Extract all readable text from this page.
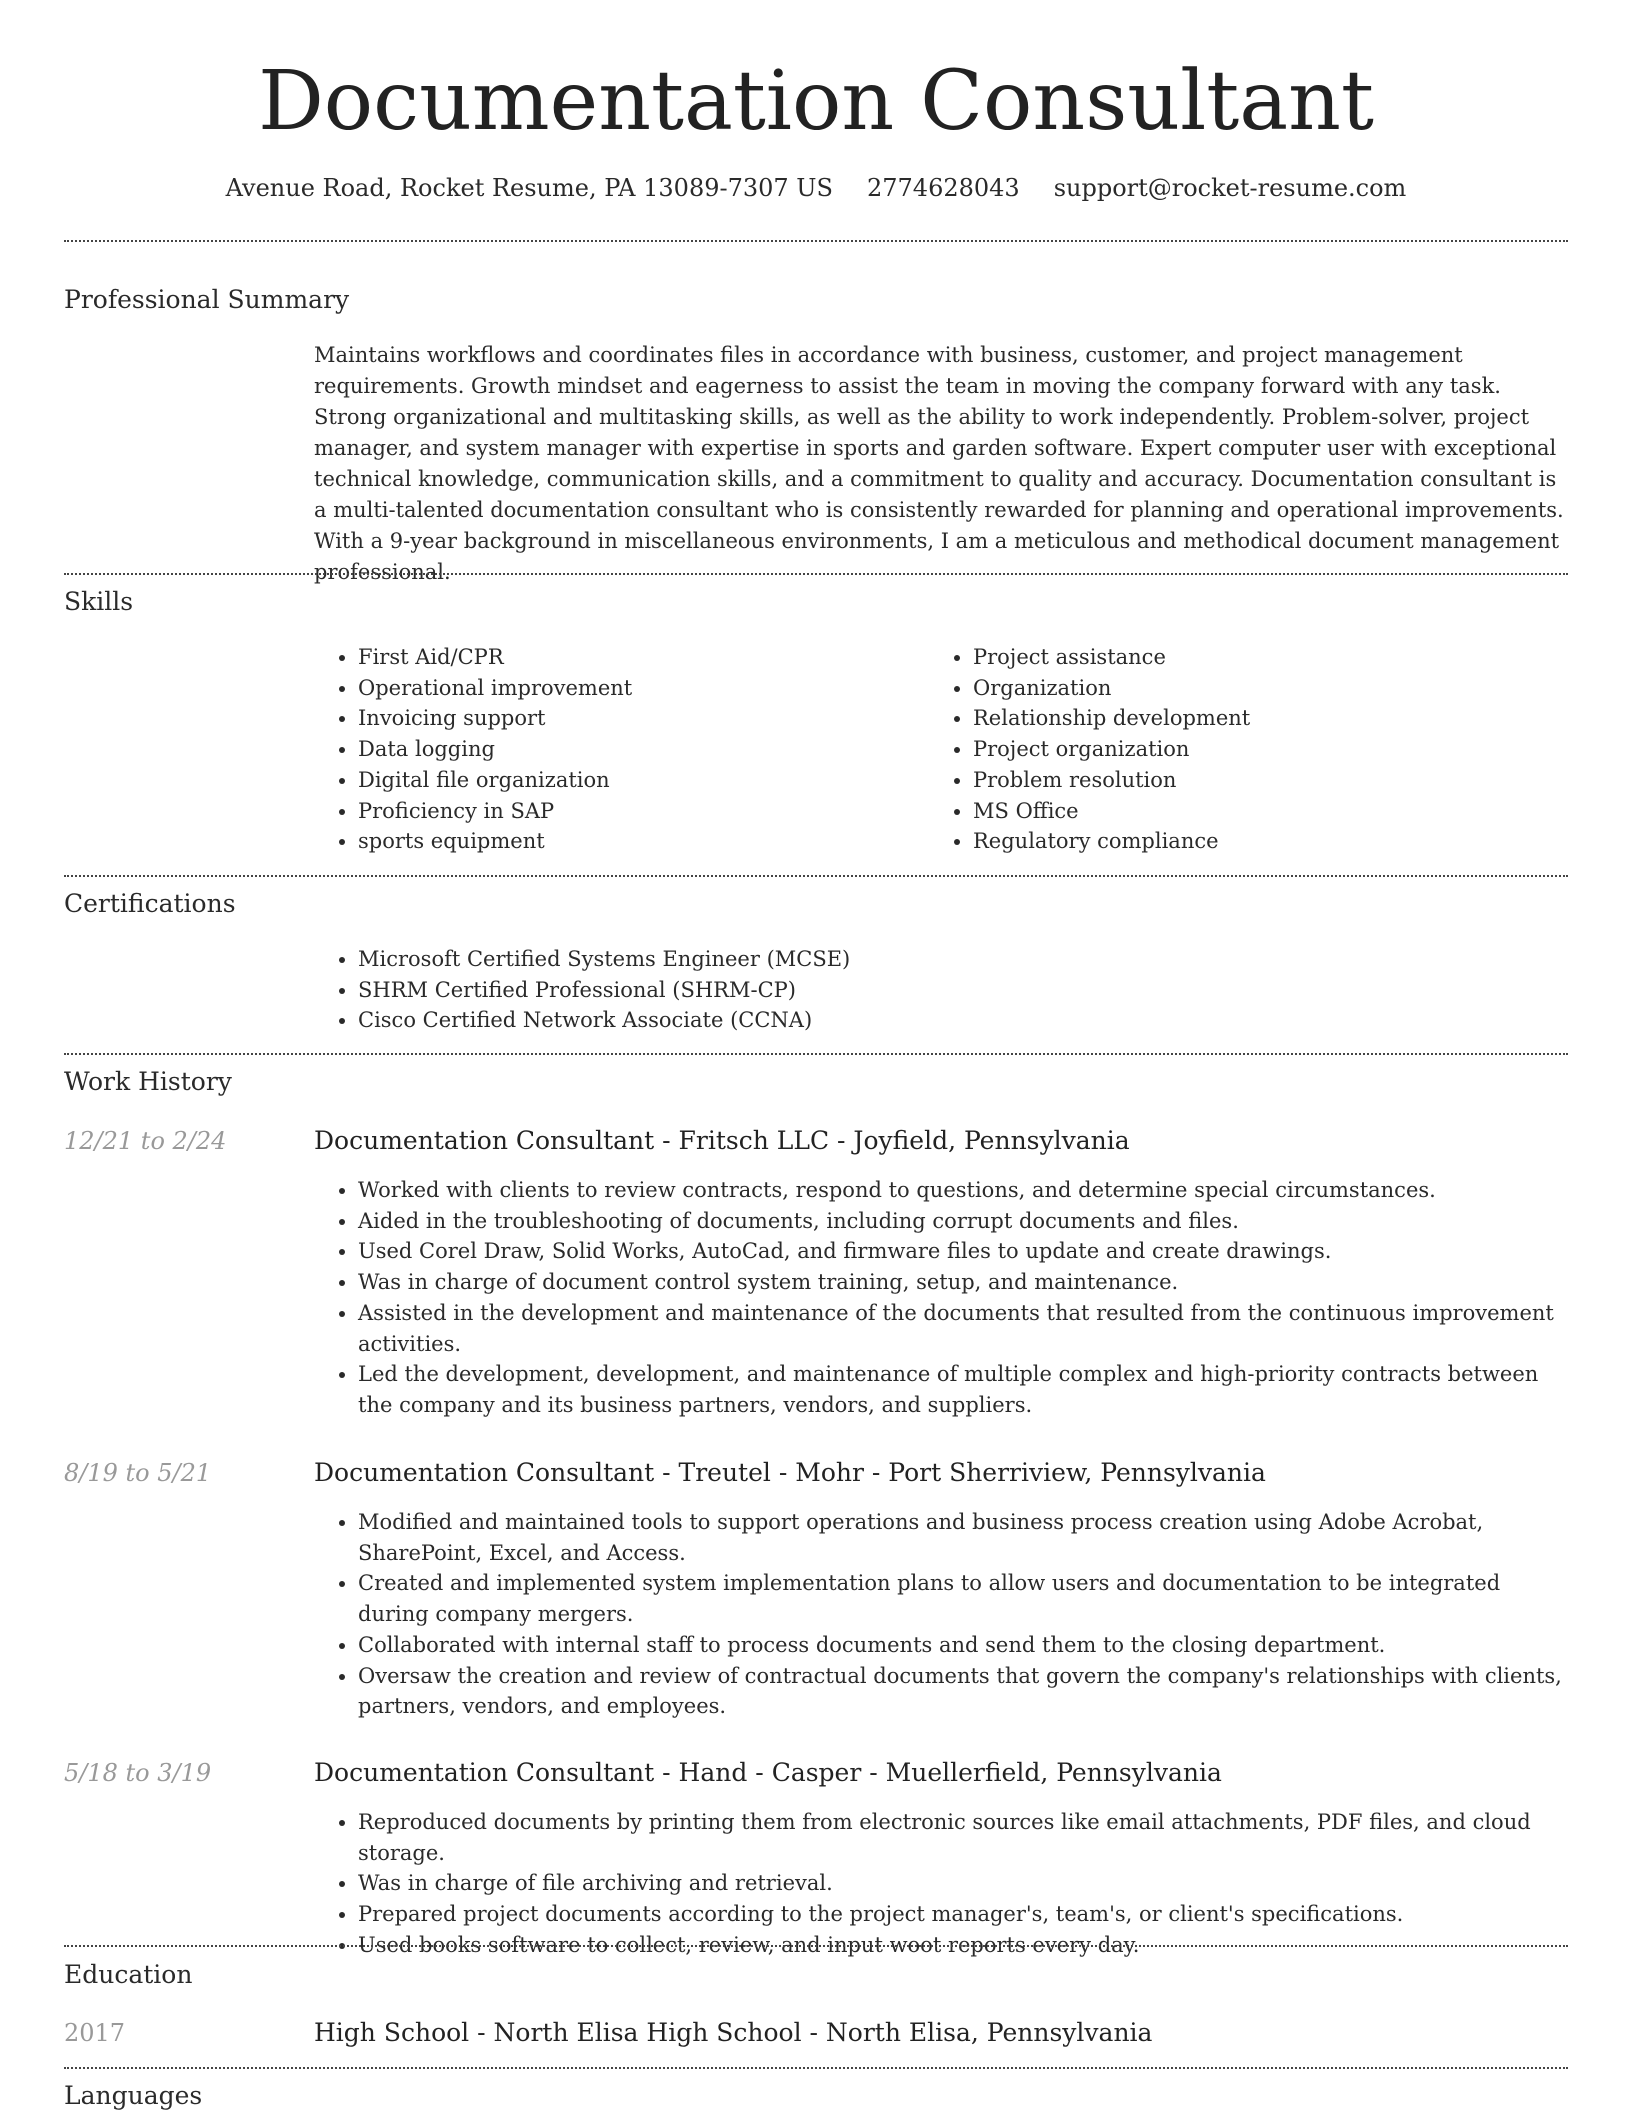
Documentation Consultant
Avenue Road, Rocket Resume, PA 13089-7307 US 2774628043 support@rocket-resume.com
Professional Summary

Maintains workflows and coordinates files in accordance with business, customer, and project management requirements. Growth mindset and eagerness to assist the team in moving the company forward with any task. Strong organizational and multitasking skills, as well as the ability to work independently. Problem-solver, project manager, and system manager with expertise in sports and garden software. Expert computer user with exceptional technical knowledge, communication skills, and a commitment to quality and accuracy. Documentation consultant is a multi-talented documentation consultant who is consistently rewarded for planning and operational improvements. With a 9-year background in miscellaneous environments, I am a meticulous and methodical document management professional.

Skills
• First Aid/CPR
• Operational improvement
• Invoicing support
• Data logging
• Digital file organization
• Proficiency in SAP
• sports equipment
• Project assistance
• Organization
• Relationship development
• Project organization
• Problem resolution
• MS Office
• Regulatory compliance
Certifications
• Microsoft Certified Systems Engineer (MCSE)
• SHRM Certified Professional (SHRM-CP)
• Cisco Certified Network Associate (CCNA)
Work History
12/21 to 2/24	Documentation Consultant - Fritsch LLC - Joyfield, Pennsylvania
• Worked with clients to review contracts, respond to questions, and determine special circumstances.
• Aided in the troubleshooting of documents, including corrupt documents and files.
• Used Corel Draw, Solid Works, AutoCad, and firmware files to update and create drawings.
• Was in charge of document control system training, setup, and maintenance.
• Assisted in the development and maintenance of the documents that resulted from the continuous improvement activities.
• Led the development, development, and maintenance of multiple complex and high-priority contracts between the company and its business partners, vendors, and suppliers.
8/19 to 5/21	Documentation Consultant - Treutel - Mohr - Port Sherriview, Pennsylvania
• Modified and maintained tools to support operations and business process creation using Adobe Acrobat, SharePoint, Excel, and Access.
• Created and implemented system implementation plans to allow users and documentation to be integrated during company mergers.
• Collaborated with internal staff to process documents and send them to the closing department.
• Oversaw the creation and review of contractual documents that govern the company's relationships with clients, partners, vendors, and employees.
5/18 to 3/19	Documentation Consultant - Hand - Casper - Muellerfield, Pennsylvania
• Reproduced documents by printing them from electronic sources like email attachments, PDF files, and cloud storage.
• Was in charge of file archiving and retrieval.
• Prepared project documents according to the project manager's, team's, or client's specifications.
• Used books software to collect, review, and input woot reports every day.
Education
2017	High School - North Elisa High School - North Elisa, Pennsylvania
Languages
